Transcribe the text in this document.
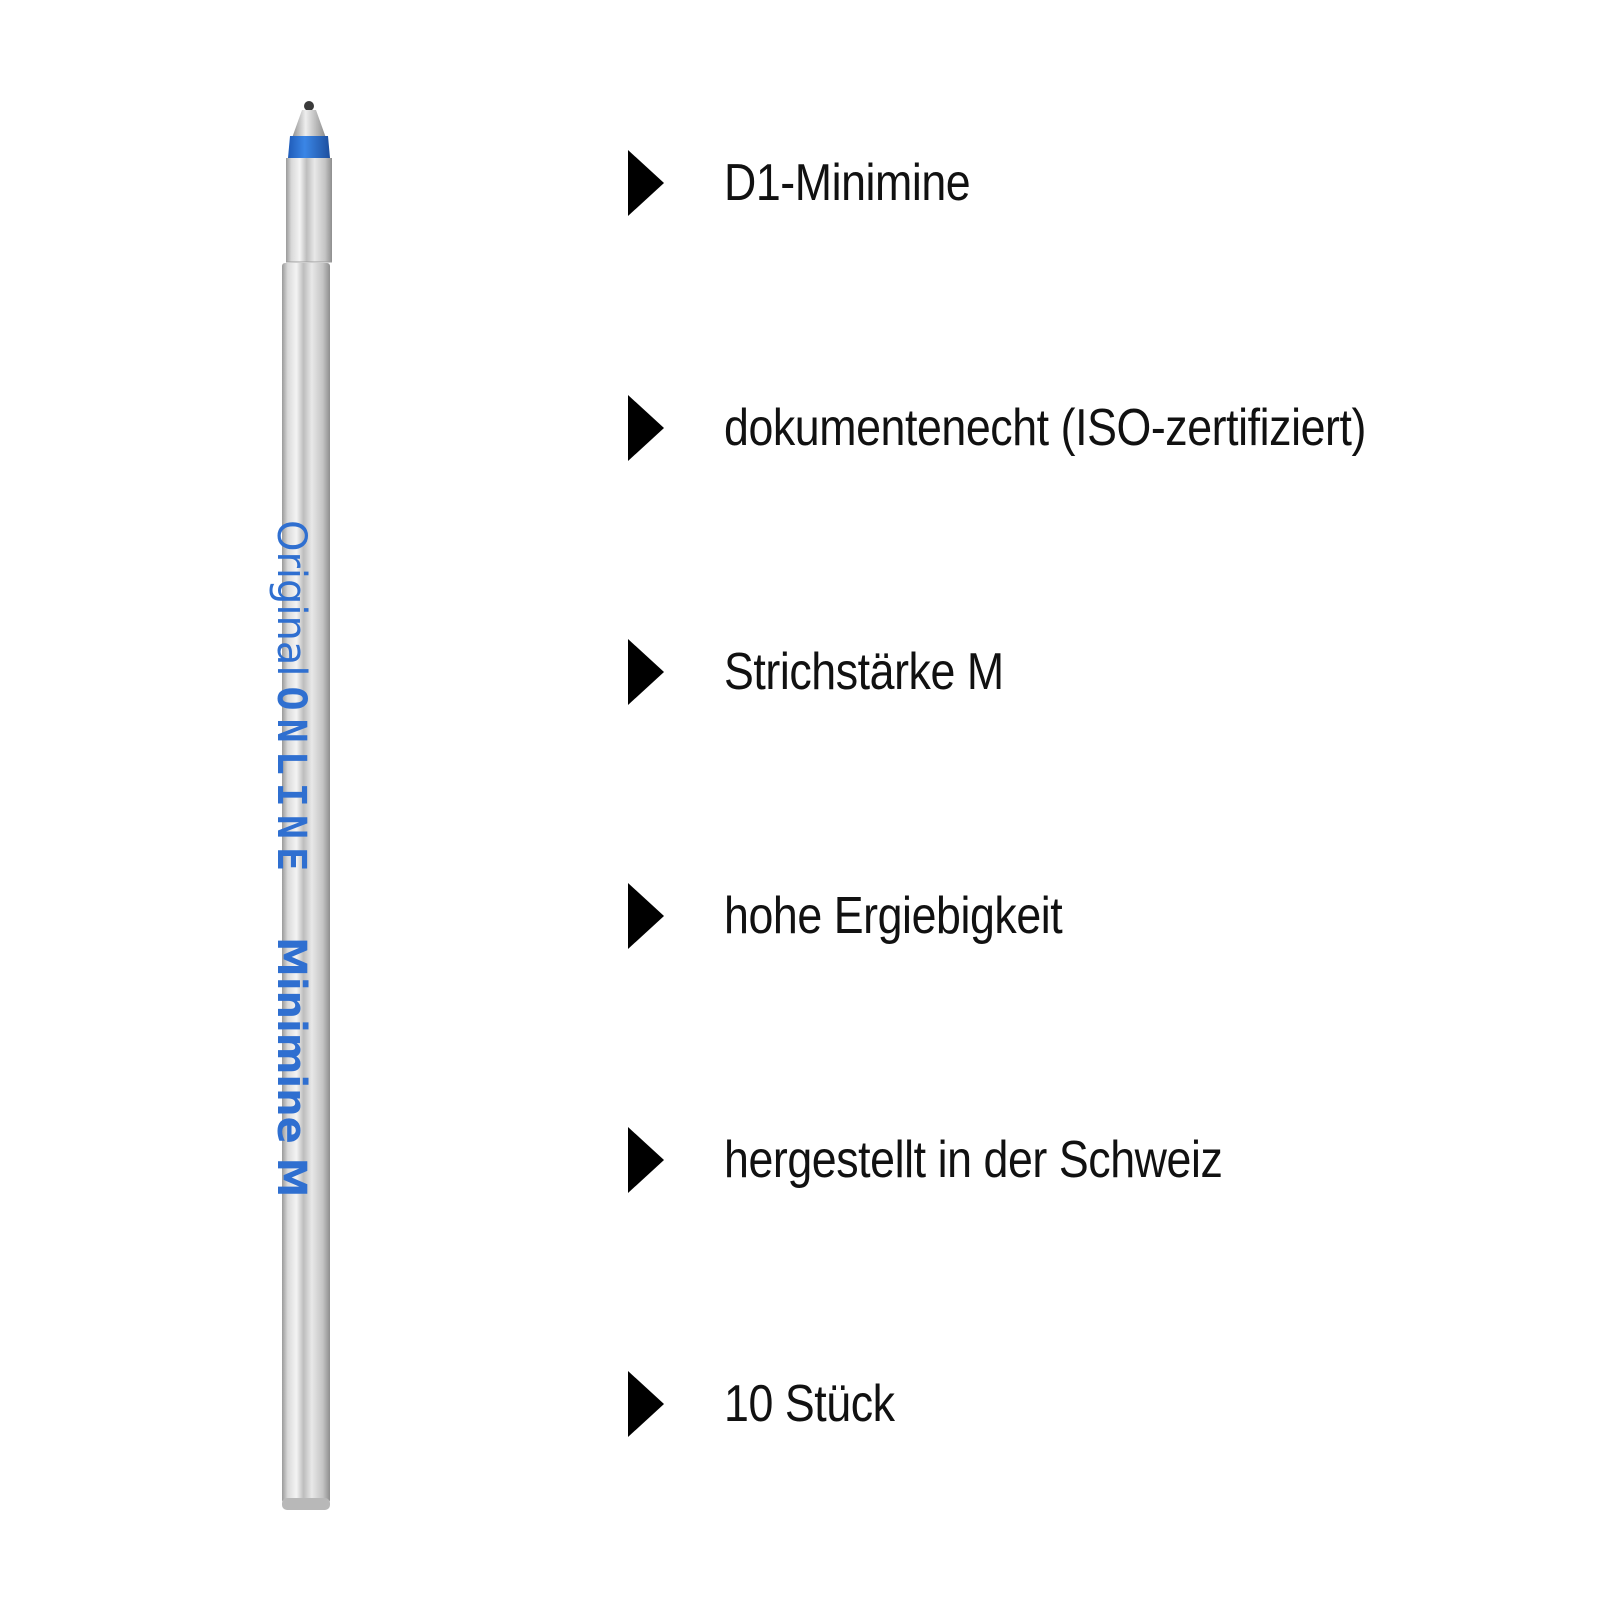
OriginalONLINEMinimine M
D1-Minimine
dokumentenecht (ISO-zertifiziert)
Strichstärke M
hohe Ergiebigkeit
hergestellt in der Schweiz
10 Stück
